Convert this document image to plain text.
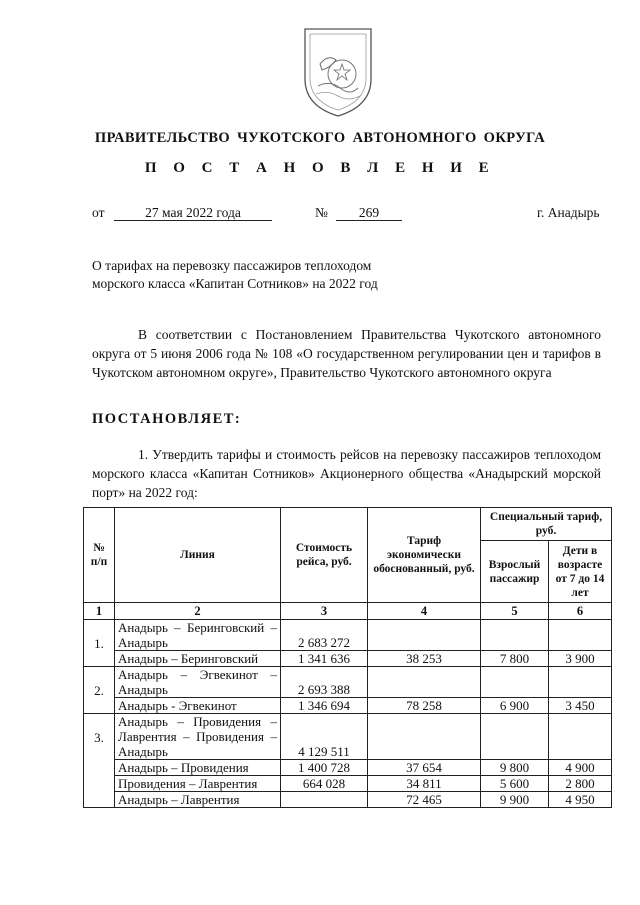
ПРАВИТЕЛЬСТВО ЧУКОТСКОГО АВТОНОМНОГО ОКРУГА
П О С Т А Н О В Л Е Н И Е
от	27 мая 2022 года	№	269	г. Анадырь

О тарифах на перевозку пассажиров теплоходом
морского класса «Капитан Сотников» на 2022 год

В соответствии с Постановлением Правительства Чукотского автономного округа от 5 июня 2006 года № 108 «О государственном регулировании цен и тарифов в Чукотском автономном округе», Правительство Чукотского автономного округа

ПОСТАНОВЛЯЕТ:

1. Утвердить тарифы и стоимость рейсов на перевозку пассажиров теплоходом морского класса «Капитан Сотников» Акционерного общества «Анадырский морской порт» на 2022 год:

№ п/п	Линия	Стоимость рейса, руб.	Тариф экономически обоснованный, руб.	Специальный тариф, руб.	
				Взрослый пассажир	Дети в возрасте от 7 до 14 лет
1	2	3	4	5	6
1.	Анадырь – Беринговский – Анадырь	2 683 272			
	Анадырь – Беринговский	1 341 636	38 253	7 800	3 900
2.	Анадырь – Эгвекинот – Анадырь	2 693 388			
	Анадырь - Эгвекинот	1 346 694	78 258	6 900	3 450
3.	Анадырь – Провидения – Лаврентия – Провидения – Анадырь	4 129 511			
	Анадырь – Провидения	1 400 728	37 654	9 800	4 900
	Провидения – Лаврентия	664 028	34 811	5 600	2 800
	Анадырь – Лаврентия		72 465	9 900	4 950
